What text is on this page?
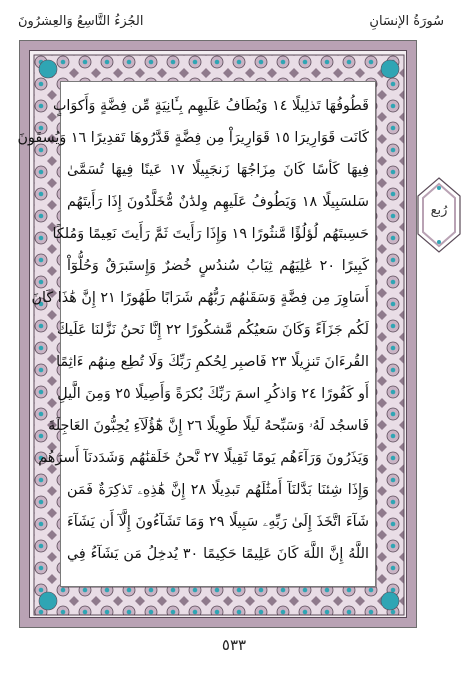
الجُزءُ التَّاسِعُ وَالعِشرُونَ	سُورَةُ الإنسَانِ
قَطُوفُهَا تَذلِيلًا ١٤ وَيُطَافُ عَلَيهِم بِـَٔانِيَةٍ مِّن فِضَّةٍ وَأَكوَابٍ
كَانَت قَوَارِيرَا ١٥ قَوَارِيرَاْ مِن فِضَّةٍ قَدَّرُوهَا تَقدِيرًا ١٦ وَيُسقَونَ
فِيهَا كَأسًا كَانَ مِزَاجُهَا زَنجَبِيلًا ١٧ عَينًا فِيهَا تُسَمَّىٰ
سَلسَبِيلًا ١٨ وَيَطُوفُ عَلَيهِم وِلدَٰنٌ مُّخَلَّدُونَ إِذَا رَأَيتَهُم
حَسِبتَهُم لُؤلُؤًا مَّنثُورًا ١٩ وَإِذَا رَأَيتَ ثَمَّ رَأَيتَ نَعِيمًا وَمُلكًا
كَبِيرًا ٢٠ عَٰلِيَهُم ثِيَابُ سُندُسٍ خُضرٌ وَإِستَبرَقٌ وَحُلُّوٓاْ
أَسَاوِرَ مِن فِضَّةٍ وَسَقَىٰهُم رَبُّهُم شَرَابًا طَهُورًا ٢١ إِنَّ هَٰذَا كَانَ
لَكُم جَزَآءً وَكَانَ سَعيُكُم مَّشكُورًا ٢٢ إِنَّا نَحنُ نَزَّلنَا عَلَيكَ
القُرءَانَ تَنزِيلًا ٢٣ فَاصبِر لِحُكمِ رَبِّكَ وَلَا تُطِع مِنهُم ءَاثِمًا
أَو كَفُورًا ٢٤ وَاذكُرِ اسمَ رَبِّكَ بُكرَةً وَأَصِيلًا ٢٥ وَمِنَ الَّيلِ
فَاسجُد لَهُۥ وَسَبِّحهُ لَيلًا طَوِيلًا ٢٦ إِنَّ هَٰٓؤُلَآءِ يُحِبُّونَ العَاجِلَةَ
وَيَذَرُونَ وَرَآءَهُم يَومًا ثَقِيلًا ٢٧ نَّحنُ خَلَقنَٰهُم وَشَدَدنَآ أَسرَهُم
وَإِذَا شِئنَا بَدَّلنَآ أَمثَٰلَهُم تَبدِيلًا ٢٨ إِنَّ هَٰذِهِۦ تَذكِرَةٌ فَمَن
شَآءَ اتَّخَذَ إِلَىٰ رَبِّهِۦ سَبِيلًا ٢٩ وَمَا تَشَآءُونَ إِلَّآ أَن يَشَآءَ
اللَّهُ إِنَّ اللَّهَ كَانَ عَلِيمًا حَكِيمًا ٣٠ يُدخِلُ مَن يَشَآءُ فِي
رُبع
٥٣٣
